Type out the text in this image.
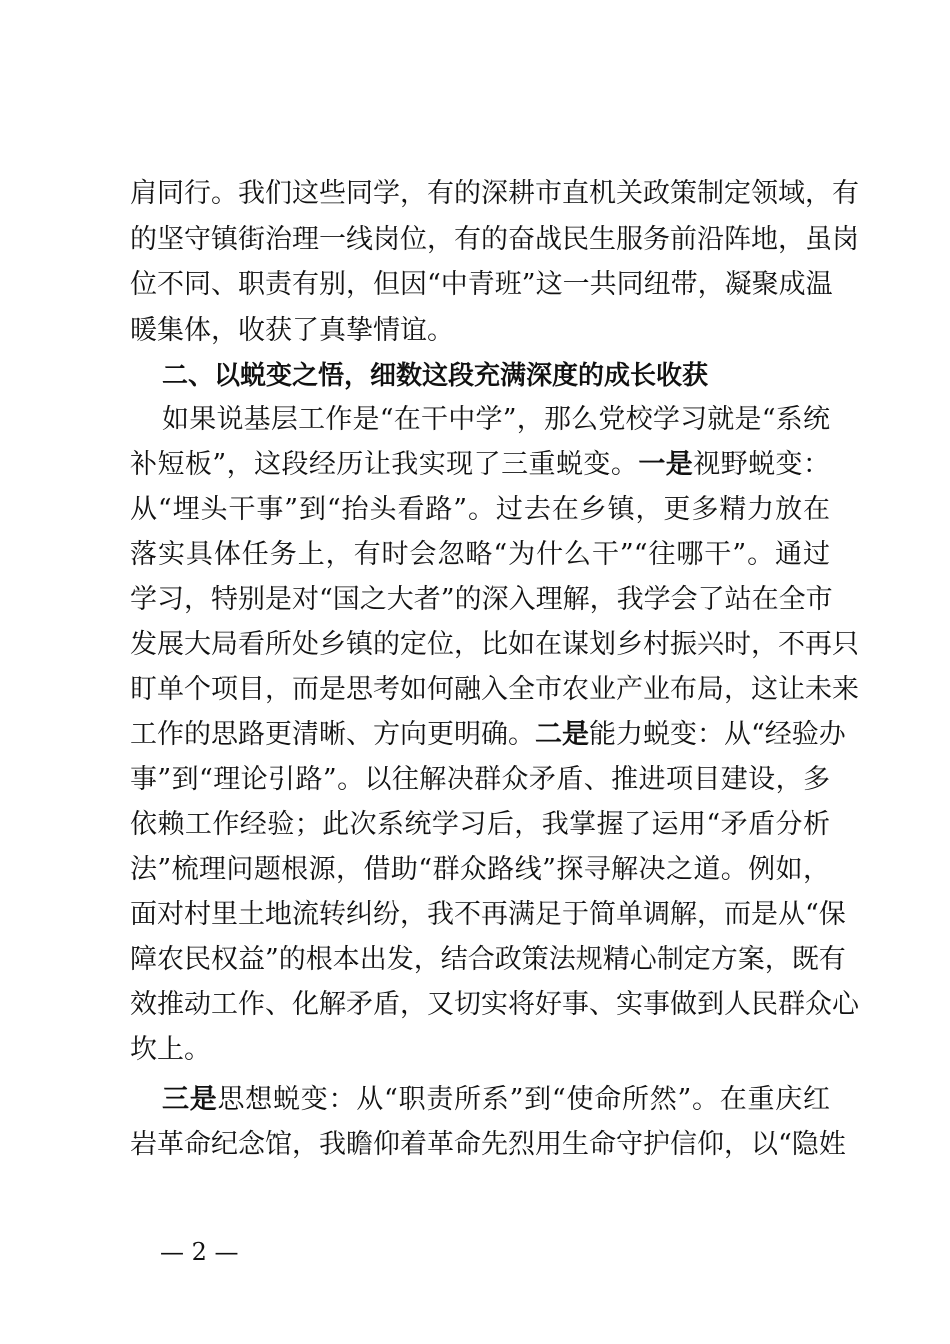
肩同行。我们这些同学，有的深耕市直机关政策制定领域，有
的坚守镇街治理一线岗位，有的奋战民生服务前沿阵地，虽岗
位不同、职责有别，但因“中青班”这一共同纽带，凝聚成温
暖集体，收获了真挚情谊。
二、以蜕变之悟，细数这段充满深度的成长收获
如果说基层工作是“在干中学”，那么党校学习就是“系统
补短板”，这段经历让我实现了三重蜕变。一是视野蜕变：
从“埋头干事”到“抬头看路”。过去在乡镇，更多精力放在
落实具体任务上，有时会忽略“为什么干”“往哪干”。通过
学习，特别是对“国之大者”的深入理解，我学会了站在全市
发展大局看所处乡镇的定位，比如在谋划乡村振兴时，不再只
盯单个项目，而是思考如何融入全市农业产业布局，这让未来
工作的思路更清晰、方向更明确。二是能力蜕变：从“经验办
事”到“理论引路”。以往解决群众矛盾、推进项目建设，多
依赖工作经验；此次系统学习后，我掌握了运用“矛盾分析
法”梳理问题根源，借助“群众路线”探寻解决之道。例如，
面对村里土地流转纠纷，我不再满足于简单调解，而是从“保
障农民权益”的根本出发，结合政策法规精心制定方案，既有
效推动工作、化解矛盾，又切实将好事、实事做到人民群众心
坎上。
三是思想蜕变：从“职责所系”到“使命所然”。在重庆红
岩革命纪念馆，我瞻仰着革命先烈用生命守护信仰，以“隐姓
— 2 —
